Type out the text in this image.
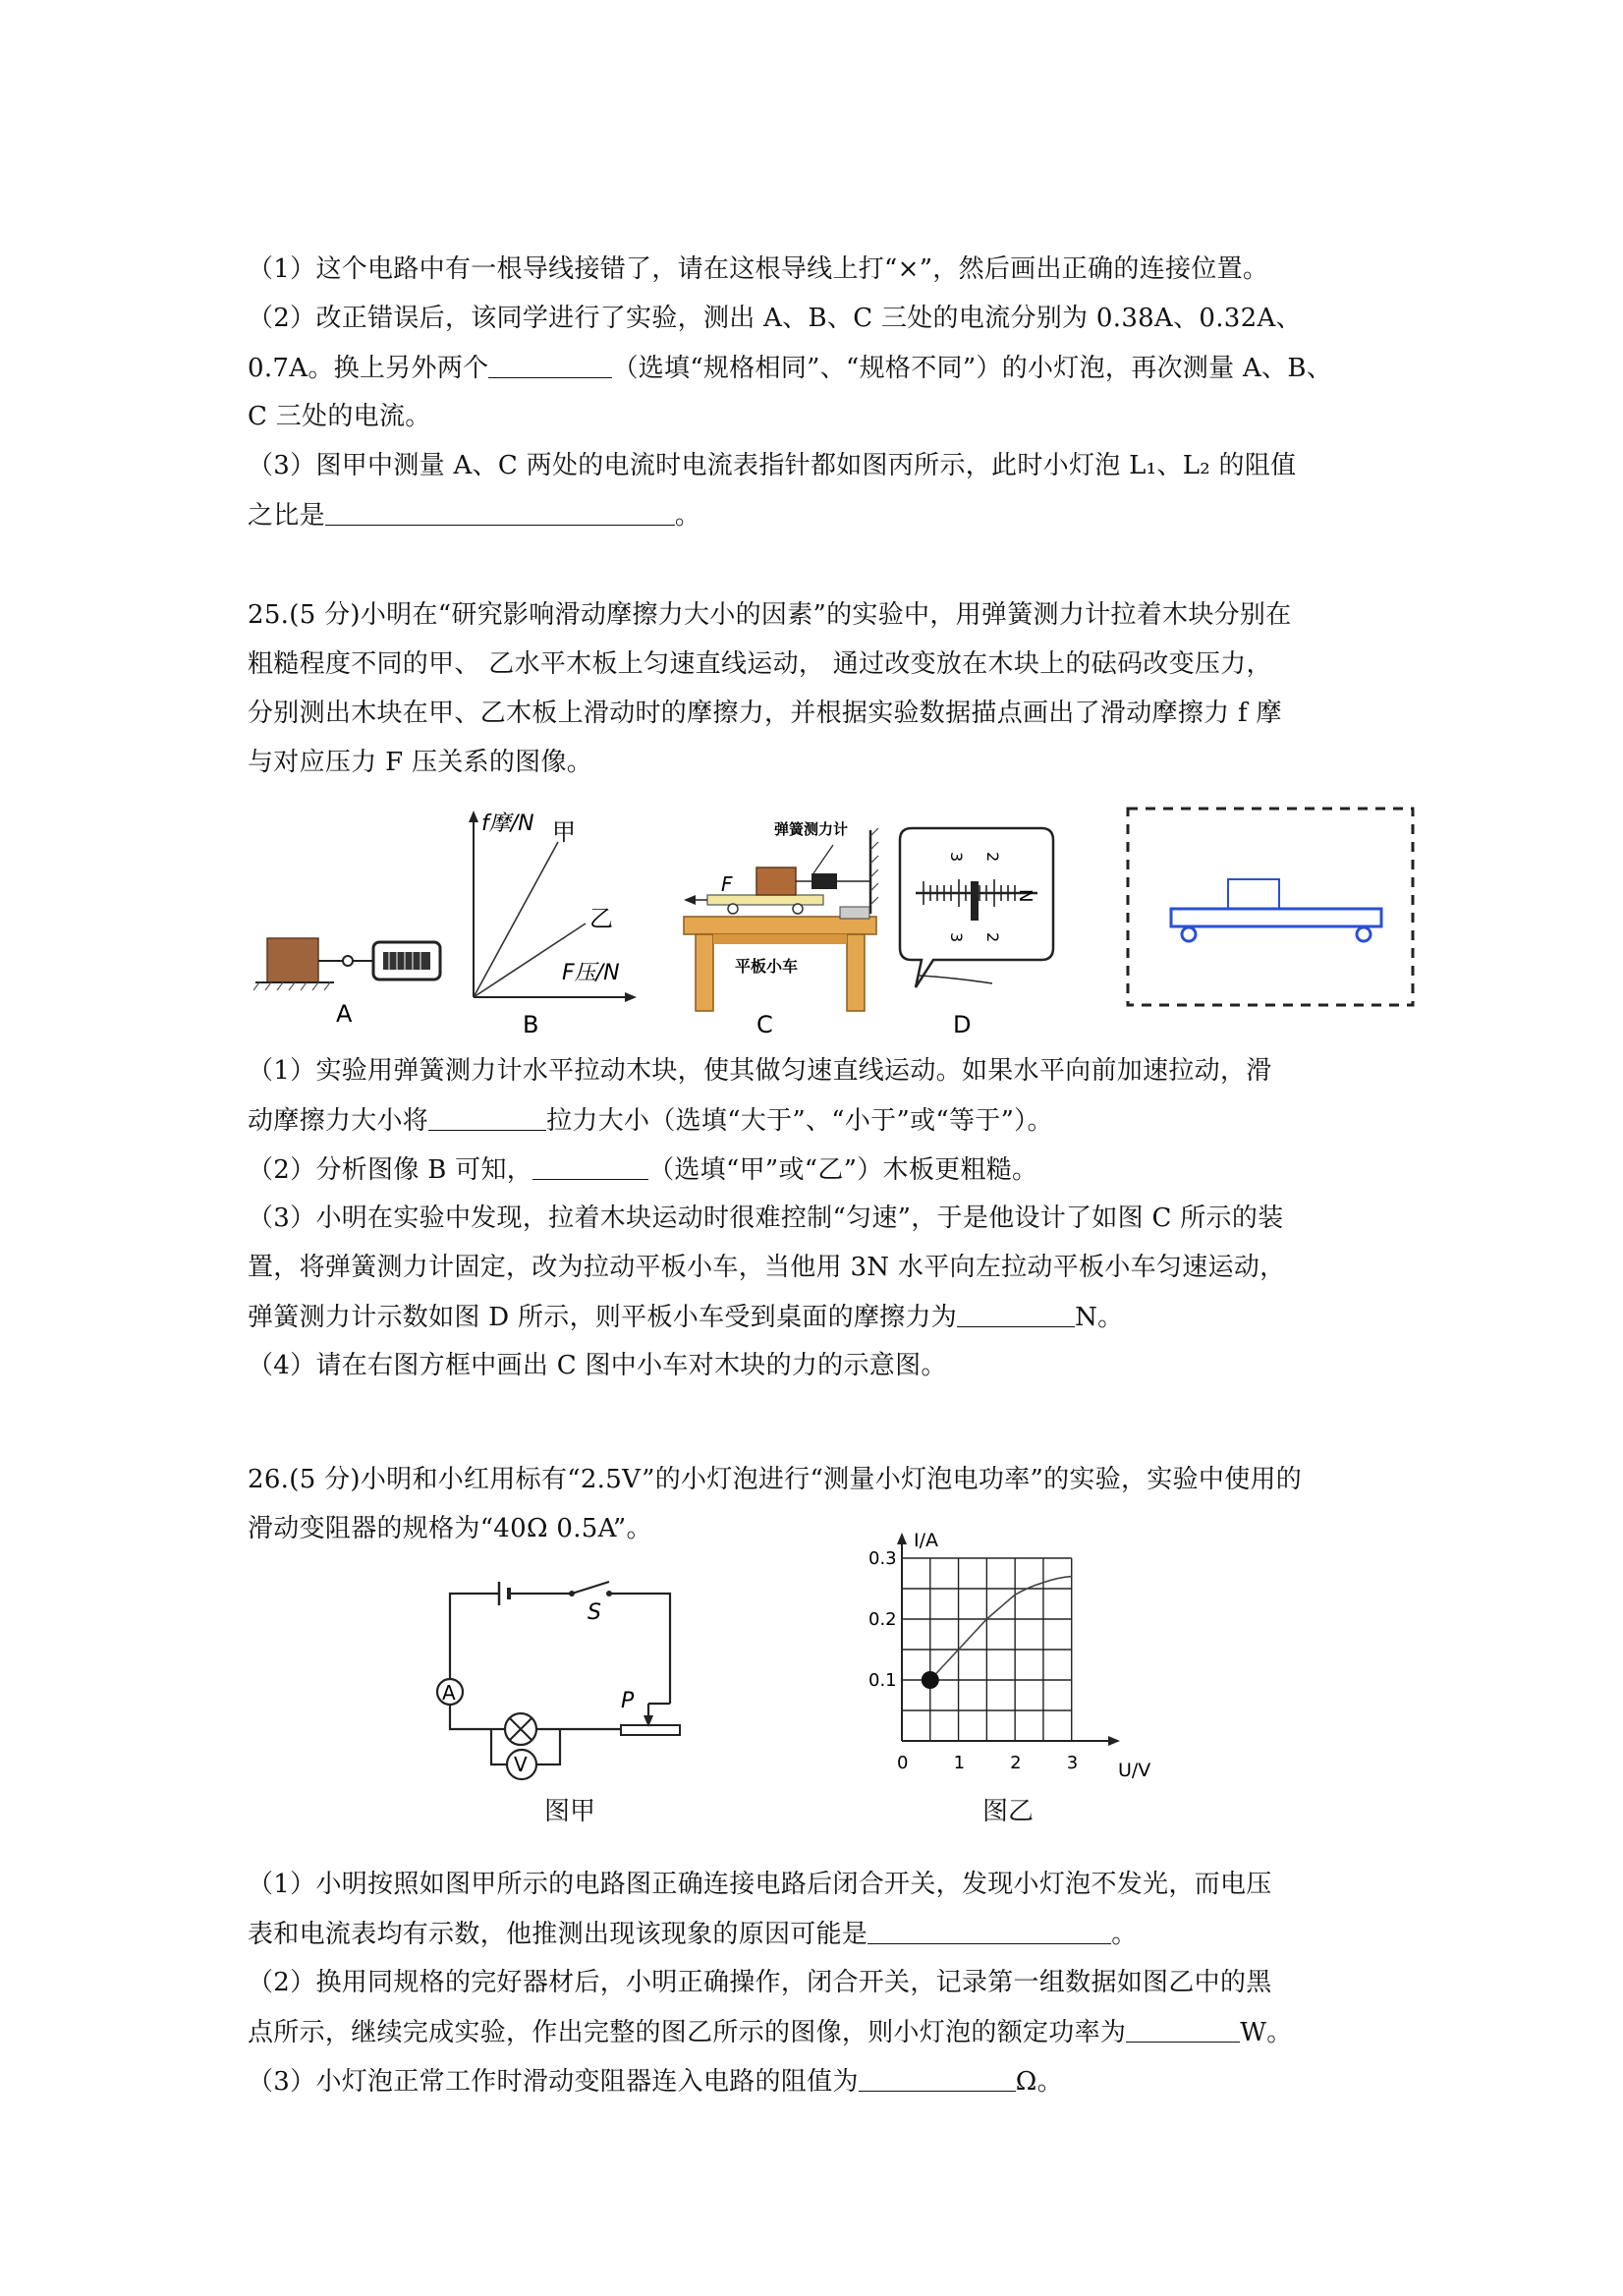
（1）这个电路中有一根导线接错了，请在这根导线上打“×”，然后画出正确的连接位置。
（2）改正错误后，该同学进行了实验，测出 A、B、C 三处的电流分别为 0.38A、0.32A、
0.7A。换上另外两个	（选填“规格相同”、“规格不同”）的小灯泡，再次测量 A、B、
C 三处的电流。
（3）图甲中测量 A、C 两处的电流时电流表指针都如图丙所示，此时小灯泡 L₁、L₂ 的阻值
之比是	。
25.(5 分)小明在“研究影响滑动摩擦力大小的因素”的实验中，用弹簧测力计拉着木块分别在
粗糙程度不同的甲、 乙水平木板上匀速直线运动， 通过改变放在木块上的砝码改变压力，
分别测出木块在甲、乙木板上滑动时的摩擦力，并根据实验数据描点画出了滑动摩擦力 f 摩
与对应压力 F 压关系的图像。
A
f摩/N
F压/N
甲
乙
B
弹簧测力计
F
平板小车
C
3 2
3 2
N
D
（1）实验用弹簧测力计水平拉动木块，使其做匀速直线运动。如果水平向前加速拉动，滑
动摩擦力大小将	拉力大小（选填“大于”、“小于”或“等于”）。
（2）分析图像 B 可知，	（选填“甲”或“乙”）木板更粗糙。
（3）小明在实验中发现，拉着木块运动时很难控制“匀速”，于是他设计了如图 C 所示的装
置，将弹簧测力计固定，改为拉动平板小车，当他用 3N 水平向左拉动平板小车匀速运动，
弹簧测力计示数如图 D 所示，则平板小车受到桌面的摩擦力为	N。
（4）请在右图方框中画出 C 图中小车对木块的力的示意图。
26.(5 分)小明和小红用标有“2.5V”的小灯泡进行“测量小灯泡电功率”的实验，实验中使用的
滑动变阻器的规格为“40Ω 0.5A”。
A
V
S
P
图甲
0.1
0.2
0.3
0	1	2	3
I/A
U/V
图乙
（1）小明按照如图甲所示的电路图正确连接电路后闭合开关，发现小灯泡不发光，而电压
表和电流表均有示数，他推测出现该现象的原因可能是	。
（2）换用同规格的完好器材后，小明正确操作，闭合开关，记录第一组数据如图乙中的黑
点所示，继续完成实验，作出完整的图乙所示的图像，则小灯泡的额定功率为	W。
（3）小灯泡正常工作时滑动变阻器连入电路的阻值为	Ω。
